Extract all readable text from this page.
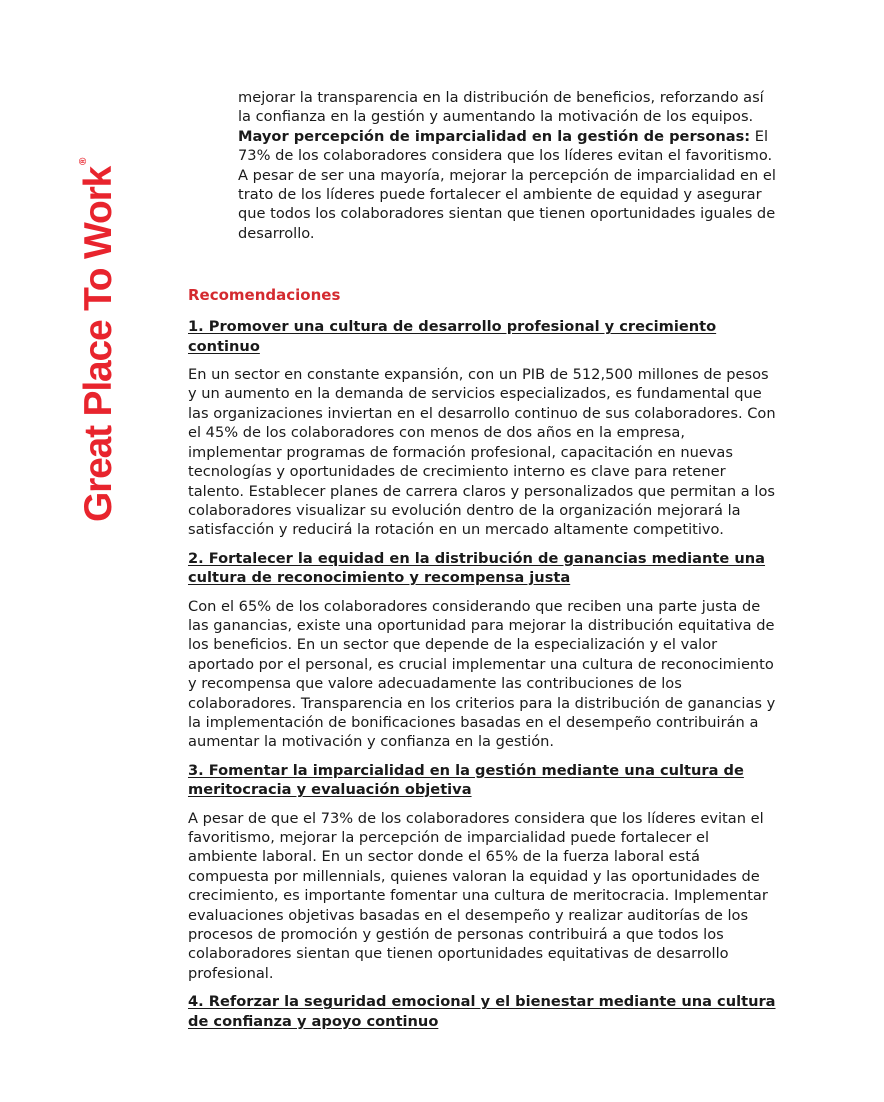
Great Place To Work®

mejorar la transparencia en la distribución de beneficios, reforzando así la confianza en la gestión y aumentando la motivación de los equipos.

Mayor percepción de imparcialidad en la gestión de personas: El 73% de los colaboradores considera que los líderes evitan el favoritismo. A pesar de ser una mayoría, mejorar la percepción de imparcialidad en el trato de los líderes puede fortalecer el ambiente de equidad y asegurar que todos los colaboradores sientan que tienen oportunidades iguales de desarrollo.

Recomendaciones
1. Promover una cultura de desarrollo profesional y crecimiento continuo

En un sector en constante expansión, con un PIB de 512,500 millones de pesos y un aumento en la demanda de servicios especializados, es fundamental que las organizaciones inviertan en el desarrollo continuo de sus colaboradores. Con el 45% de los colaboradores con menos de dos años en la empresa, implementar programas de formación profesional, capacitación en nuevas tecnologías y oportunidades de crecimiento interno es clave para retener talento. Establecer planes de carrera claros y personalizados que permitan a los colaboradores visualizar su evolución dentro de la organización mejorará la satisfacción y reducirá la rotación en un mercado altamente competitivo.

2. Fortalecer la equidad en la distribución de ganancias mediante una cultura de reconocimiento y recompensa justa

Con el 65% de los colaboradores considerando que reciben una parte justa de las ganancias, existe una oportunidad para mejorar la distribución equitativa de los beneficios. En un sector que depende de la especialización y el valor aportado por el personal, es crucial implementar una cultura de reconocimiento y recompensa que valore adecuadamente las contribuciones de los colaboradores. Transparencia en los criterios para la distribución de ganancias y la implementación de bonificaciones basadas en el desempeño contribuirán a aumentar la motivación y confianza en la gestión.

3. Fomentar la imparcialidad en la gestión mediante una cultura de meritocracia y evaluación objetiva

A pesar de que el 73% de los colaboradores considera que los líderes evitan el favoritismo, mejorar la percepción de imparcialidad puede fortalecer el ambiente laboral. En un sector donde el 65% de la fuerza laboral está compuesta por millennials, quienes valoran la equidad y las oportunidades de crecimiento, es importante fomentar una cultura de meritocracia. Implementar evaluaciones objetivas basadas en el desempeño y realizar auditorías de los procesos de promoción y gestión de personas contribuirá a que todos los colaboradores sientan que tienen oportunidades equitativas de desarrollo profesional.

4. Reforzar la seguridad emocional y el bienestar mediante una cultura de confianza y apoyo continuo
